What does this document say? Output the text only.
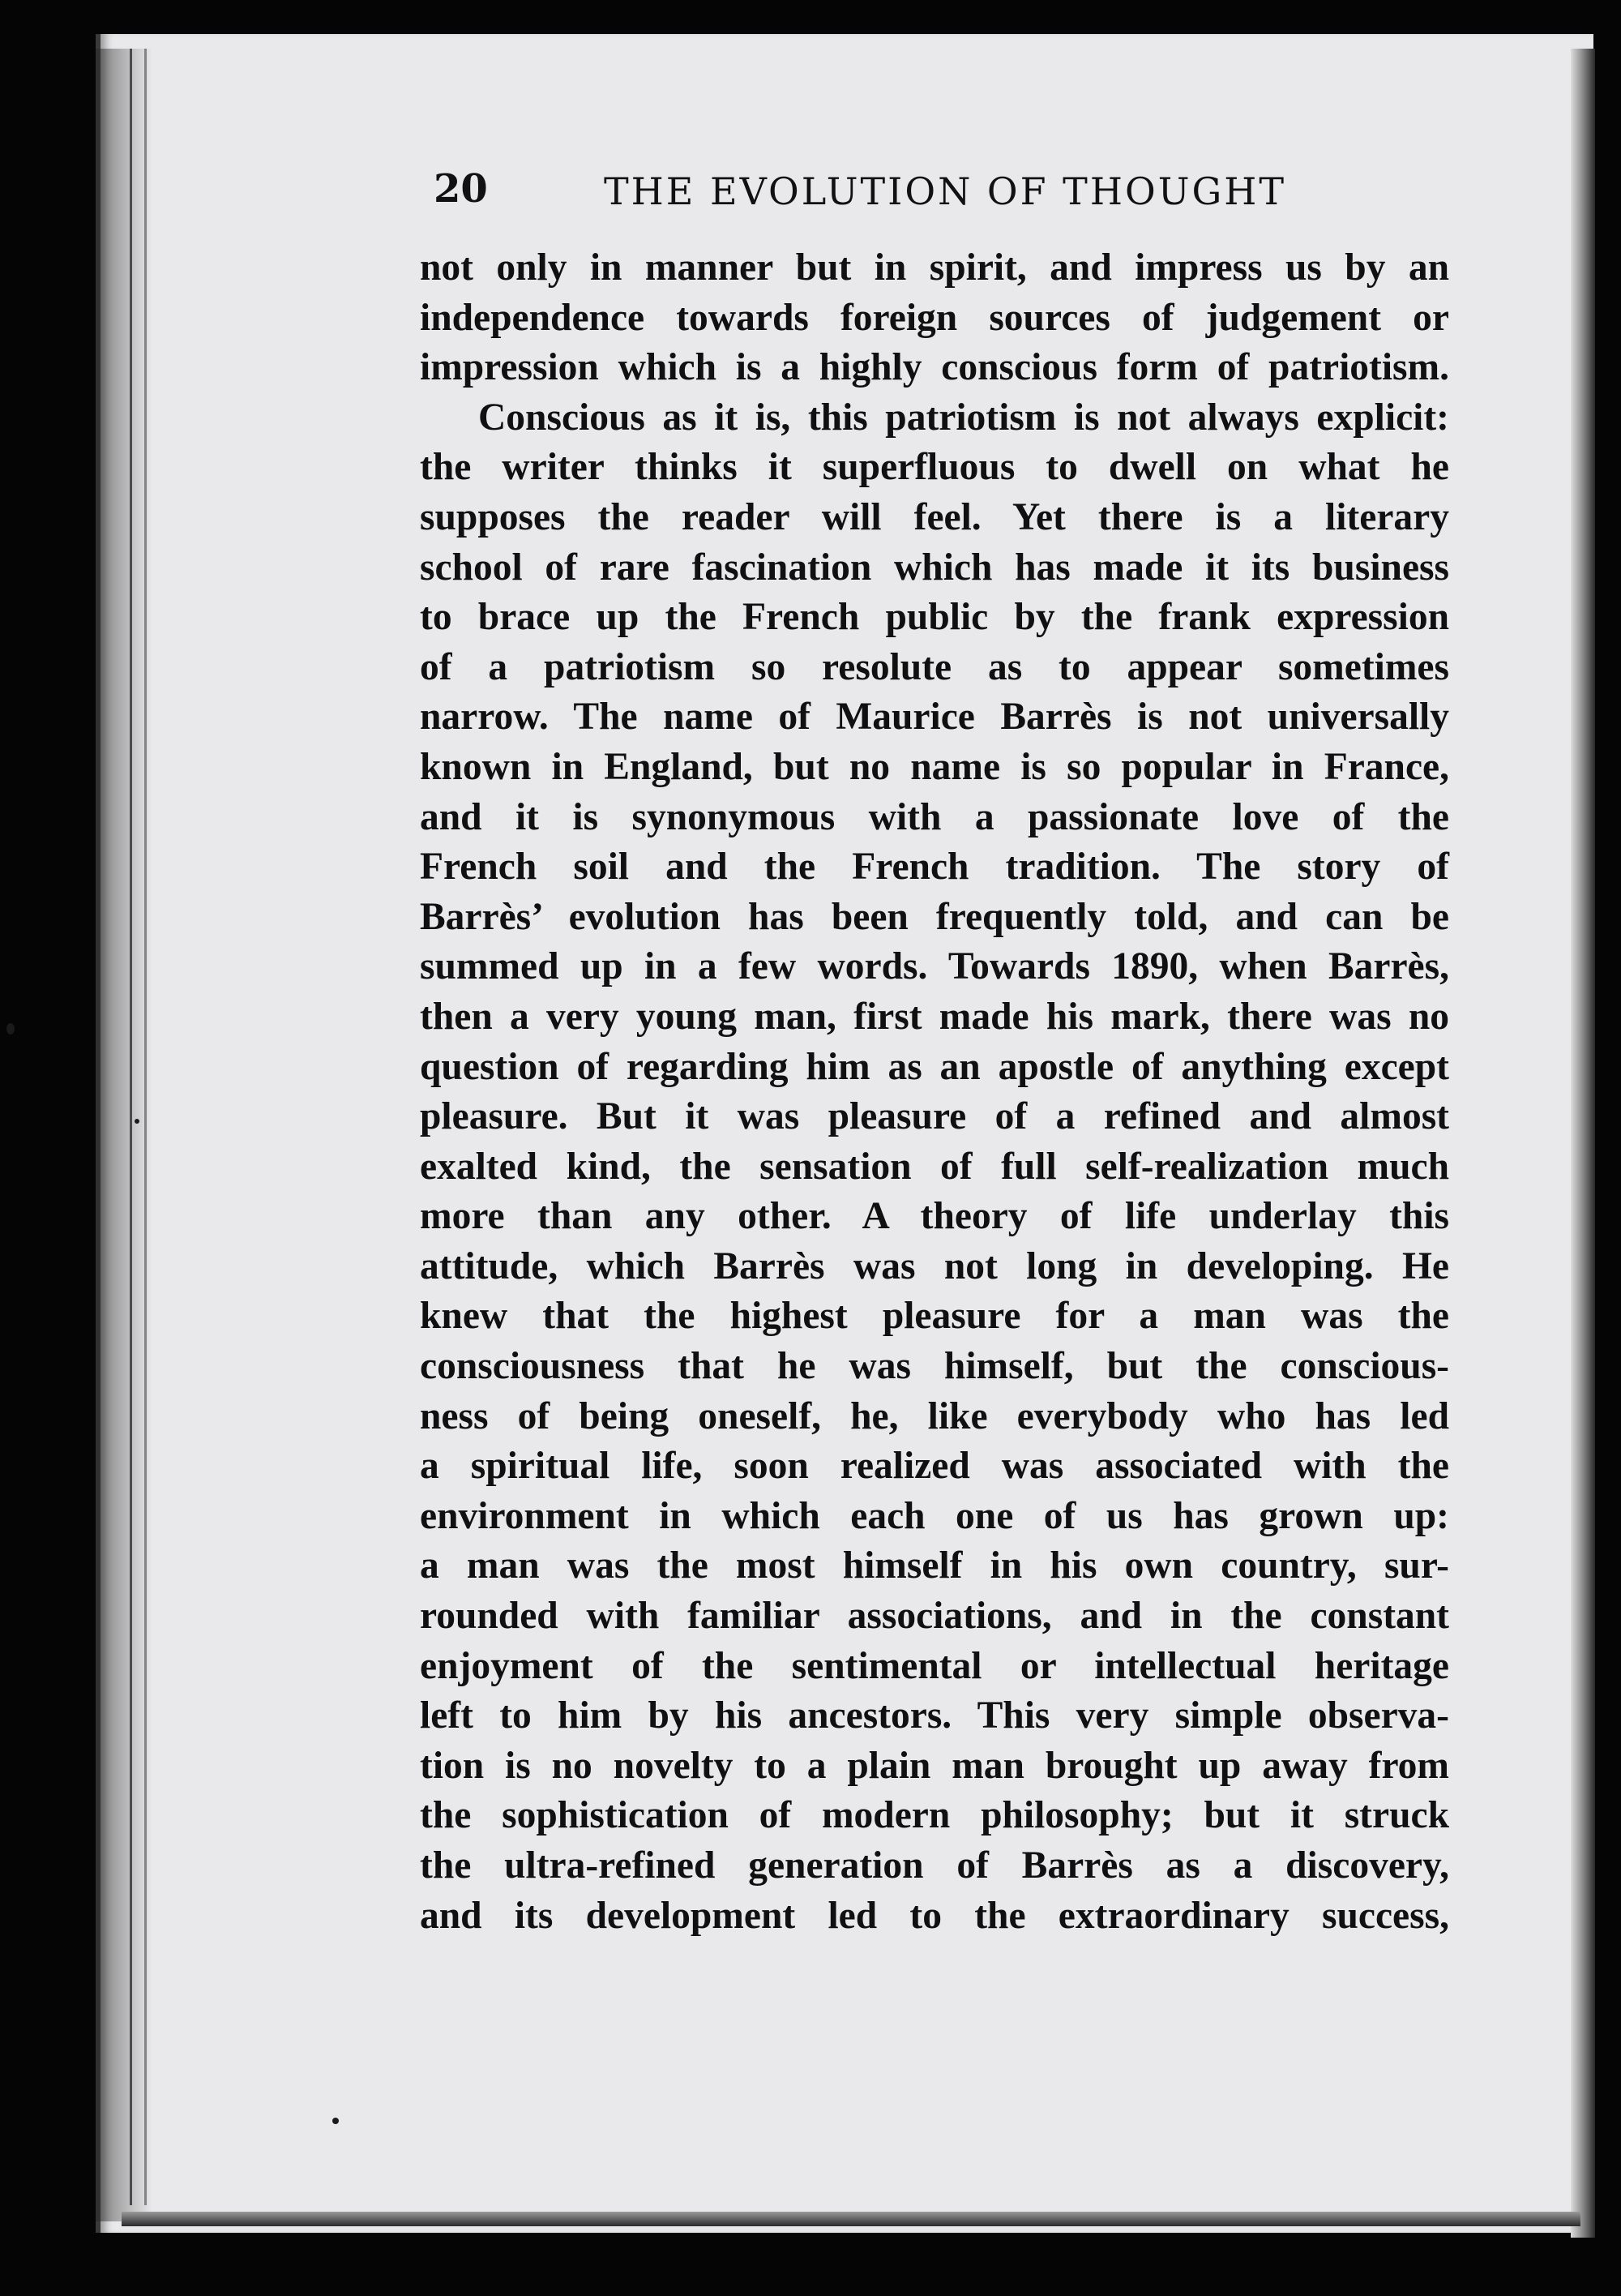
20	THE EVOLUTION OF THOUGHT
not only in manner but in spirit, and impress us by an
independence towards foreign sources of judgement or
impression which is a highly conscious form of patriotism.
Conscious as it is, this patriotism is not always explicit:
the writer thinks it superfluous to dwell on what he
supposes the reader will feel. Yet there is a literary
school of rare fascination which has made it its business
to brace up the French public by the frank expression
of a patriotism so resolute as to appear sometimes
narrow. The name of Maurice Barrès is not universally
known in England, but no name is so popular in France,
and it is synonymous with a passionate love of the
French soil and the French tradition. The story of
Barrès’ evolution has been frequently told, and can be
summed up in a few words. Towards 1890, when Barrès,
then a very young man, first made his mark, there was no
question of regarding him as an apostle of anything except
pleasure. But it was pleasure of a refined and almost
exalted kind, the sensation of full self-realization much
more than any other. A theory of life underlay this
attitude, which Barrès was not long in developing. He
knew that the highest pleasure for a man was the
consciousness that he was himself, but the conscious-
ness of being oneself, he, like everybody who has led
a spiritual life, soon realized was associated with the
environment in which each one of us has grown up:
a man was the most himself in his own country, sur-
rounded with familiar associations, and in the constant
enjoyment of the sentimental or intellectual heritage
left to him by his ancestors. This very simple observa-
tion is no novelty to a plain man brought up away from
the sophistication of modern philosophy; but it struck
the ultra-refined generation of Barrès as a discovery,
and its development led to the extraordinary success,
